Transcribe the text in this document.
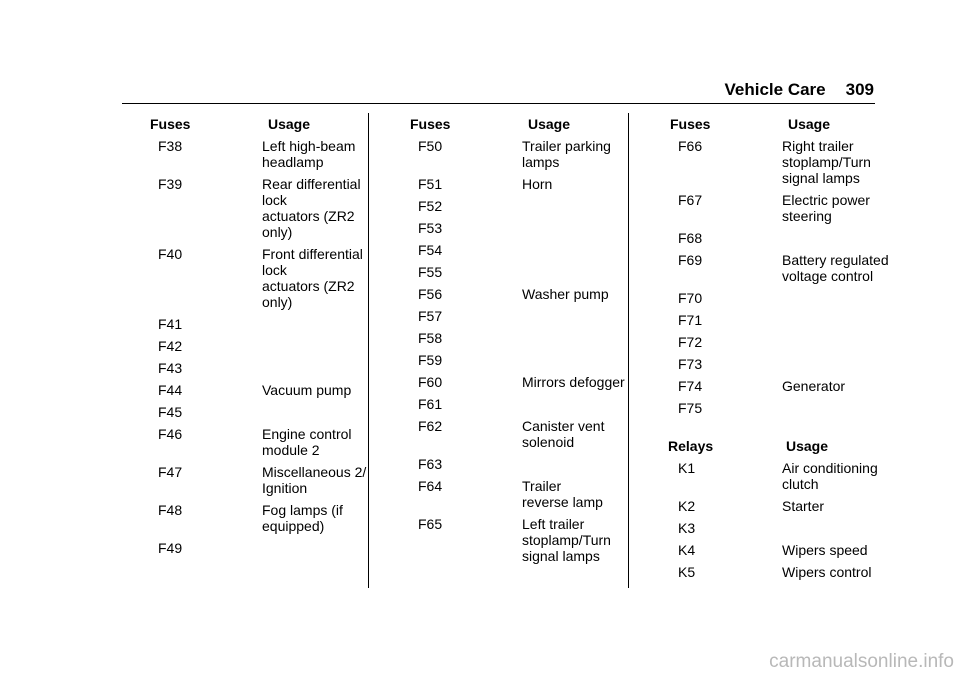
Vehicle Care 309
Fuses	Usage
F38	Left high-beam
headlamp
F39	Rear differential
lock
actuators (ZR2
only)
F40	Front differential
lock
actuators (ZR2
only)
F41
F42
F43
F44	Vacuum pump
F45
F46	Engine control
module 2
F47	Miscellaneous 2/
Ignition
F48	Fog lamps (if
equipped)
F49
Fuses	Usage
F50	Trailer parking
lamps
F51	Horn
F52
F53
F54
F55
F56	Washer pump
F57
F58
F59
F60	Mirrors defogger
F61
F62	Canister vent
solenoid
F63
F64	Trailer
reverse lamp
F65	Left trailer
stoplamp/Turn
signal lamps
Fuses	Usage
F66	Right trailer
stoplamp/Turn
signal lamps
F67	Electric power
steering
F68
F69	Battery regulated
voltage control
F70
F71
F72
F73
F74	Generator
F75
Relays	Usage
K1	Air conditioning
clutch
K2	Starter
K3
K4	Wipers speed
K5	Wipers control
carmanualsonline.info
